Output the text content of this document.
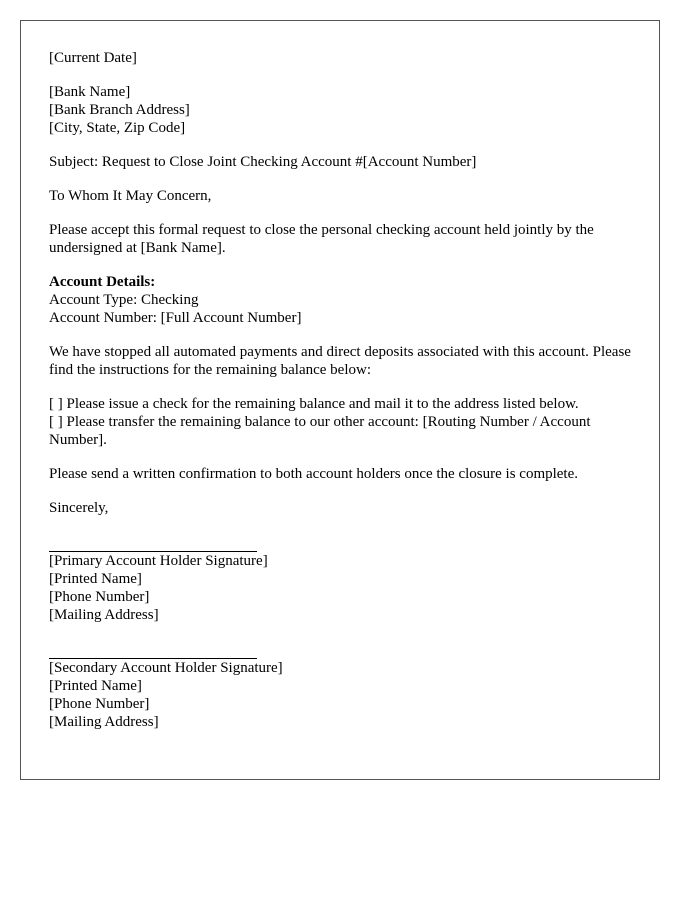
[Current Date]
[Bank Name]
[Bank Branch Address]
[City, State, Zip Code]
Subject: Request to Close Joint Checking Account #[Account Number]
To Whom It May Concern,
Please accept this formal request to close the personal checking account held jointly by the undersigned at [Bank Name].
Account Details:
Account Type: Checking
Account Number: [Full Account Number]
We have stopped all automated payments and direct deposits associated with this account. Please find the instructions for the remaining balance below:
[ ] Please issue a check for the remaining balance and mail it to the address listed below.
[ ] Please transfer the remaining balance to our other account: [Routing Number / Account Number].
Please send a written confirmation to both account holders once the closure is complete.
Sincerely,
[Primary Account Holder Signature]
[Printed Name]
[Phone Number]
[Mailing Address]
[Secondary Account Holder Signature]
[Printed Name]
[Phone Number]
[Mailing Address]
